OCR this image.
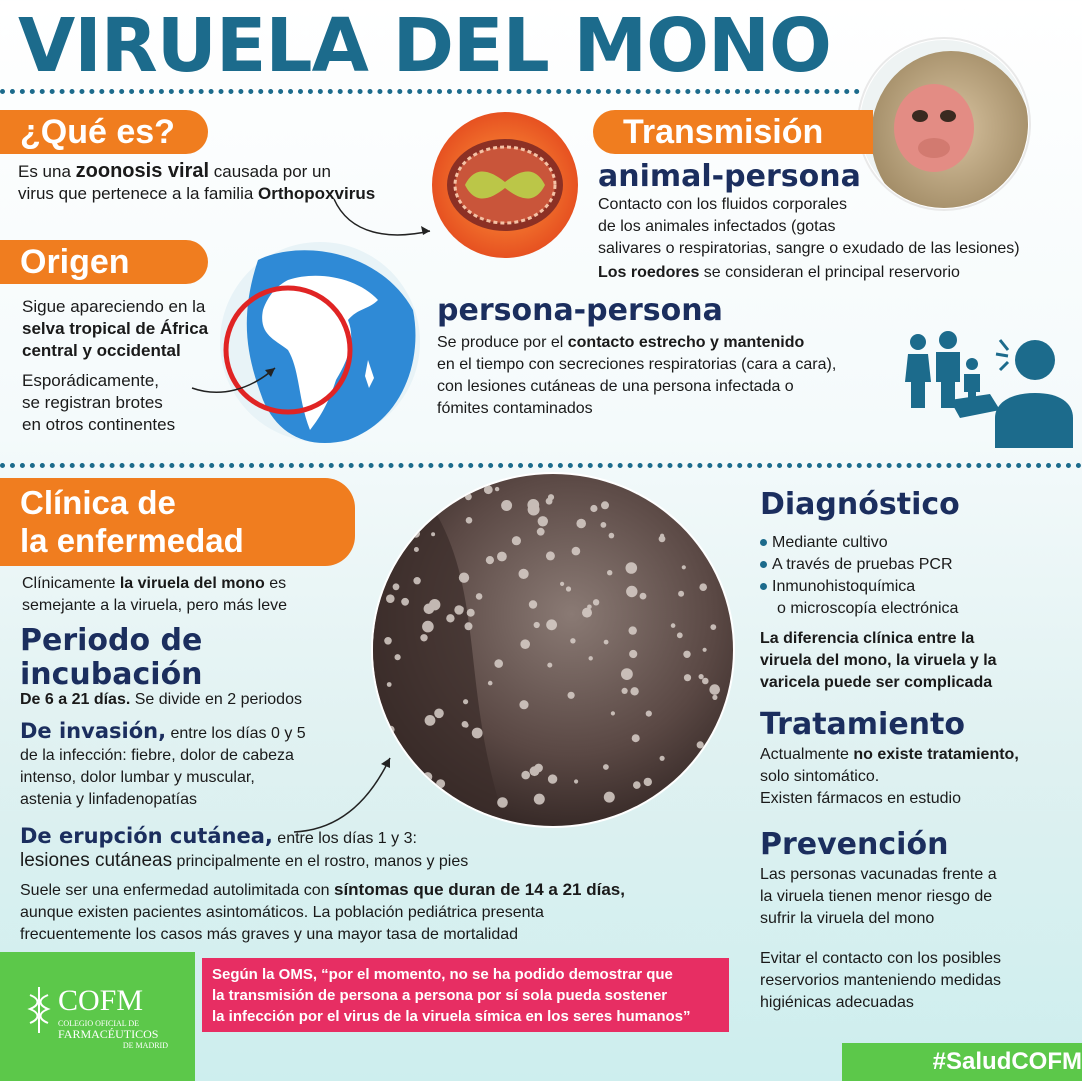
VIRUELA DEL MONO
¿Qué es?
Es una zoonosis viral causada por un
virus que pertenece a la familia Orthopoxvirus
Transmisión
animal-persona
Contacto con los fluidos corporales
de los animales infectados (gotas
salivares o respiratorias, sangre o exudado de las lesiones)
Los roedores se consideran el principal reservorio
Origen
Sigue apareciendo en la
selva tropical de África
central y occidental
Esporádicamente,
se registran brotes
en otros continentes
persona-persona
Se produce por el contacto estrecho y mantenido
en el tiempo con secreciones respiratorias (cara a cara),
con lesiones cutáneas de una persona infectada o
fómites contaminados
Clínica de
la enfermedad
Clínicamente la viruela del mono es
semejante a la viruela, pero más leve
Periodo de
incubación
De 6 a 21 días. Se divide en 2 periodos
De invasión, entre los días 0 y 5
de la infección: fiebre, dolor de cabeza
intenso, dolor lumbar y muscular,
astenia y linfadenopatías
De erupción cutánea, entre los días 1 y 3:
lesiones cutáneas principalmente en el rostro, manos y pies
Suele ser una enfermedad autolimitada con síntomas que duran de 14 a 21 días,
aunque existen pacientes asintomáticos. La población pediátrica presenta
frecuentemente los casos más graves y una mayor tasa de mortalidad
Diagnóstico
Mediante cultivo
A través de pruebas PCR
Inmunohistoquímica
o microscopía electrónica
La diferencia clínica entre la
viruela del mono, la viruela y la
varicela puede ser complicada
Tratamiento
Actualmente no existe tratamiento,
solo sintomático.
Existen fármacos en estudio
Prevención
Las personas vacunadas frente a
la viruela tienen menor riesgo de
sufrir la viruela del mono
Evitar el contacto con los posibles
reservorios manteniendo medidas
higiénicas adecuadas
COFM
COLEGIO OFICIAL DE
FARMACÉUTICOS
DE MADRID
Según la OMS, “por el momento, no se ha podido demostrar que
la transmisión de persona a persona por sí sola pueda sostener
la infección por el virus de la viruela símica en los seres humanos”
#SaludCOFM
